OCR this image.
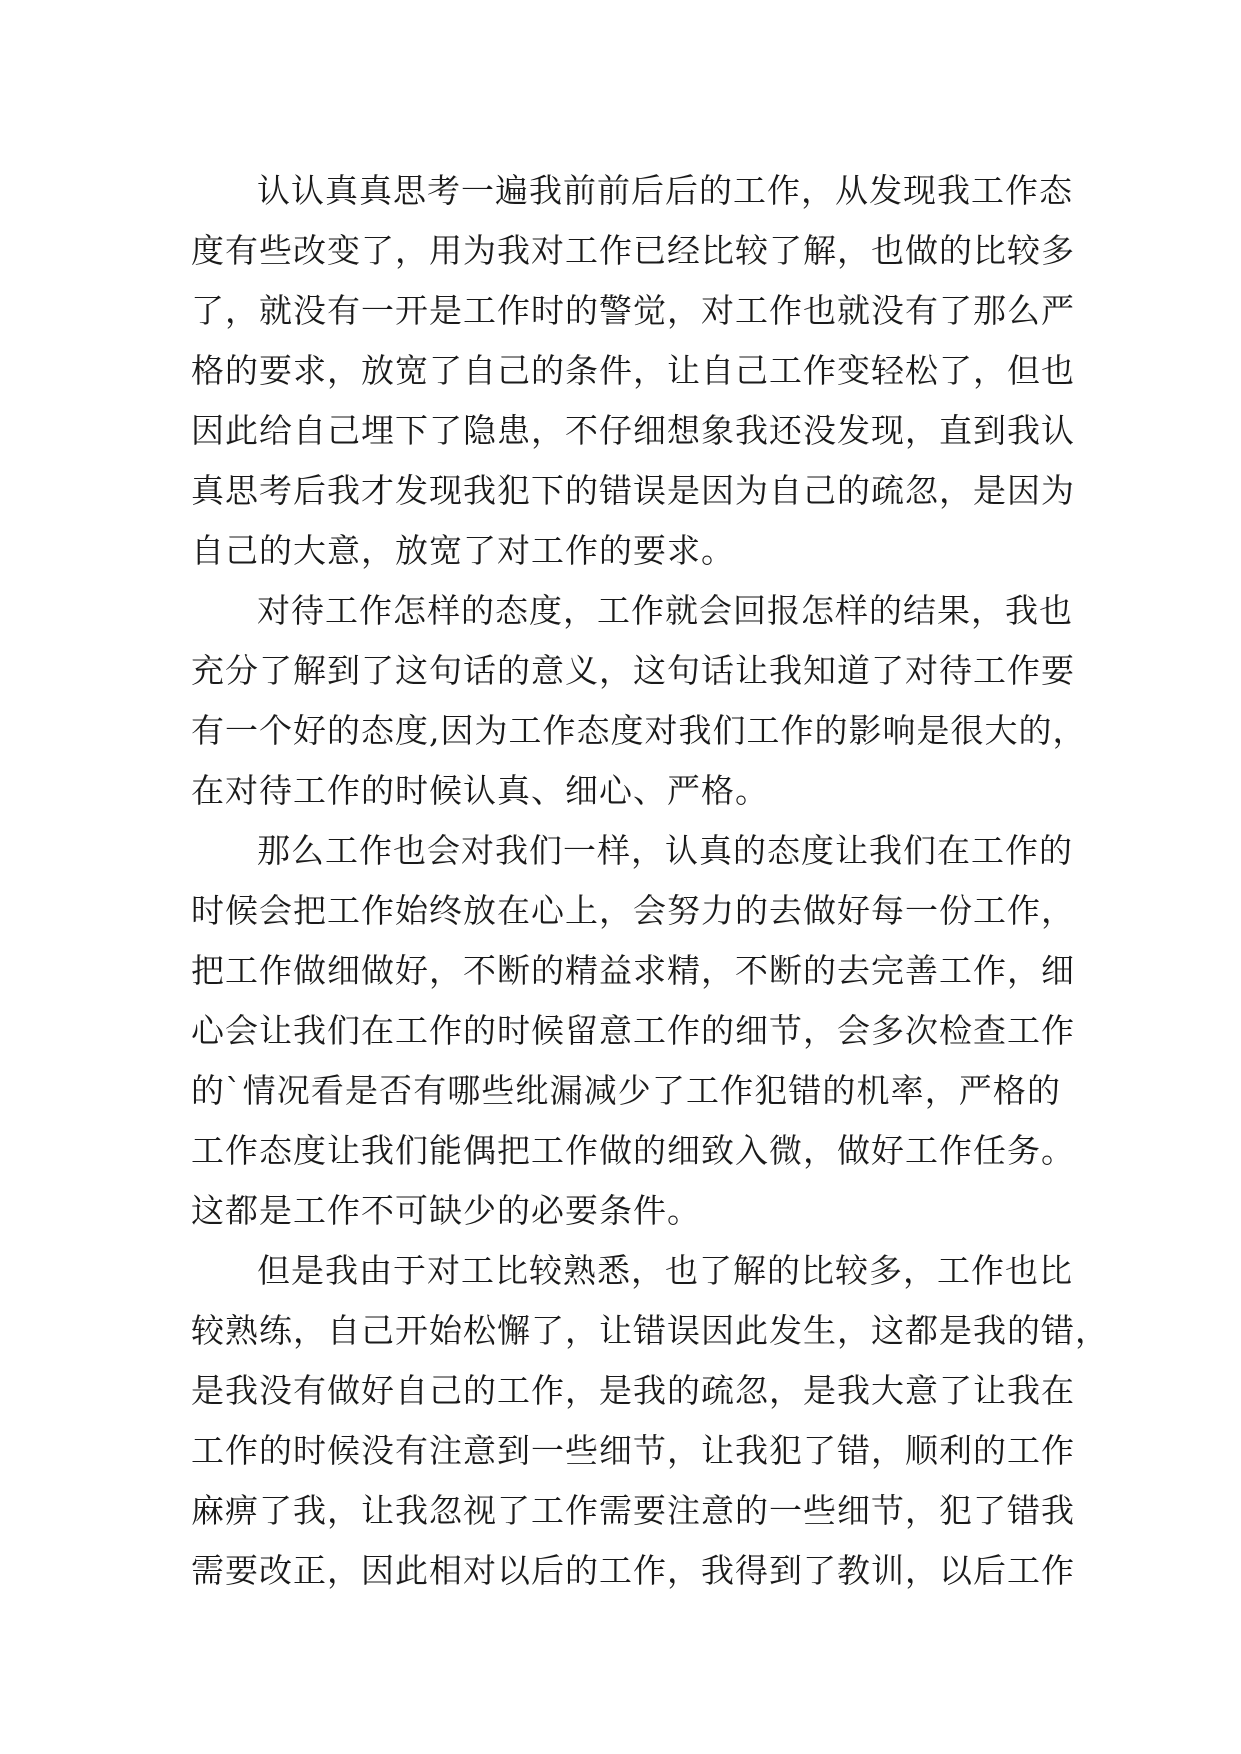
认认真真思考一遍我前前后后的工作，从发现我工作态
度有些改变了，用为我对工作已经比较了解，也做的比较多
了，就没有一开是工作时的警觉，对工作也就没有了那么严
格的要求，放宽了自己的条件，让自己工作变轻松了，但也
因此给自己埋下了隐患，不仔细想象我还没发现，直到我认
真思考后我才发现我犯下的错误是因为自己的疏忽，是因为
自己的大意，放宽了对工作的要求。
对待工作怎样的态度，工作就会回报怎样的结果，我也
充分了解到了这句话的意义，这句话让我知道了对待工作要
有一个好的态度,因为工作态度对我们工作的影响是很大的，
在对待工作的时候认真、细心、严格。
那么工作也会对我们一样，认真的态度让我们在工作的
时候会把工作始终放在心上，会努力的去做好每一份工作，
把工作做细做好，不断的精益求精，不断的去完善工作，细
心会让我们在工作的时候留意工作的细节，会多次检查工作
的`情况看是否有哪些纰漏减少了工作犯错的机率，严格的
工作态度让我们能偶把工作做的细致入微，做好工作任务。
这都是工作不可缺少的必要条件。
但是我由于对工比较熟悉，也了解的比较多，工作也比
较熟练，自己开始松懈了，让错误因此发生，这都是我的错，
是我没有做好自己的工作，是我的疏忽，是我大意了让我在
工作的时候没有注意到一些细节，让我犯了错，顺利的工作
麻痹了我，让我忽视了工作需要注意的一些细节，犯了错我
需要改正，因此相对以后的工作，我得到了教训，以后工作
